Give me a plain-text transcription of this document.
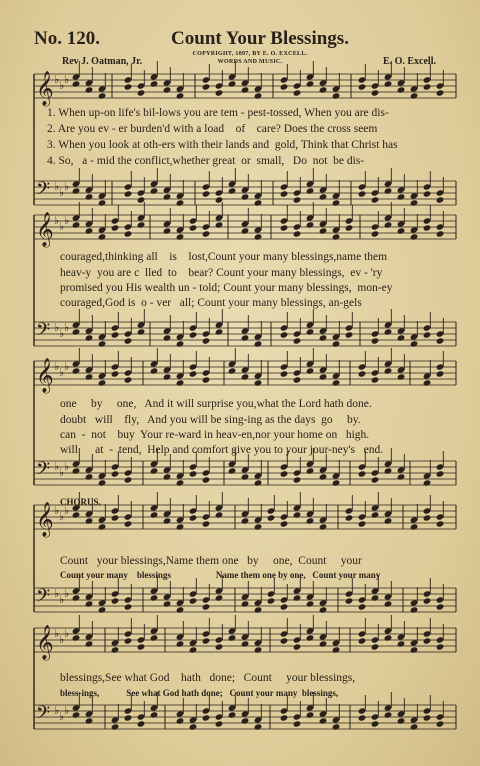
𝄞 ♭ ♭ ♭
𝄢 ♭ ♭ ♭
𝄞 ♭ ♭ ♭
𝄢 ♭ ♭ ♭
𝄞 ♭ ♭ ♭
𝄢 ♭ ♭ ♭
𝄞 ♭ ♭ ♭
𝄢 ♭ ♭ ♭
𝄞 ♭ ♭ ♭
𝄢 ♭ ♭ ♭
No. 120.	Count Your Blessings.
Rev J. Oatman, Jr.
COPYRIGHT, 1897, BY E. O. EXCELL.
WORDS AND MUSIC.	E. O. Excell.
1. When up-on life's bil-lows you are tem - pest-tossed, When you are dis-
2. Are you ev - er burden'd with a load    of    care? Does the cross seem
3. When you look at oth-ers with their lands and  gold, Think that Christ has
4. So,   a - mid the conflict,whether great  or  small,   Do  not  be dis-
couraged,thinking all    is    lost,Count your many blessings,name them
heav-y  you are c  lled  to    bear? Count your many blessings,  ev - 'ry
promised you His wealth un - told; Count your many blessings,  mon-ey
couraged,God is  o - ver   all; Count your many blessings, an-gels
one     by     one,   And it will surprise you,what the Lord hath done.
doubt   will    fly,   And you will be sing-ing as the days  go     by.
can  -  not    buy  Your re-ward in heav-en,nor your home on   high.
will      at  -  tend,  Help and comfort give you to your jour-ney's   end.
CHORUS.
Count   your blessings,Name them one   by     one,  Count     your
Count your many    blessings                    Name them one by one,   Count your many
blessings,See what God    hath   done;   Count     your blessings,
bless-ings,            See what God hath done;   Count your many  blessings,
